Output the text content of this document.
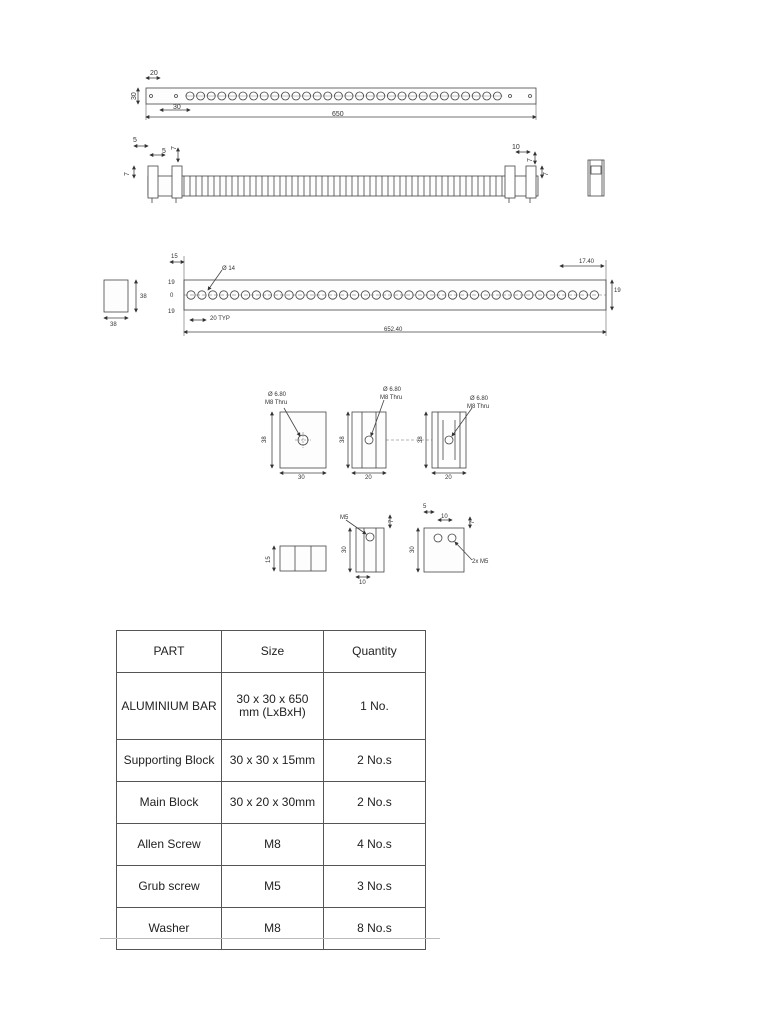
20
30
30
650
5
5
7
7	10
7
7
38
38
15
17.40
19
0
19
19
Ø 14
20 TYP
652.40
Ø 6.80
M8 Thru
38
30
Ø 6.80
M8 Thru
38
20
Ø 6.80
M8 Thru
38
20
15
M5
7
30
10
5
10
7
30
2x M5
PART	Size	Quantity
ALUMINIUM BAR	30 x 30 x 650 mm (LxBxH)	1 No.
Supporting Block	30 x 30 x 15mm	2 No.s
Main Block	30 x 20 x 30mm	2 No.s
Allen Screw	M8	4 No.s
Grub screw	M5	3 No.s
Washer	M8	8 No.s
